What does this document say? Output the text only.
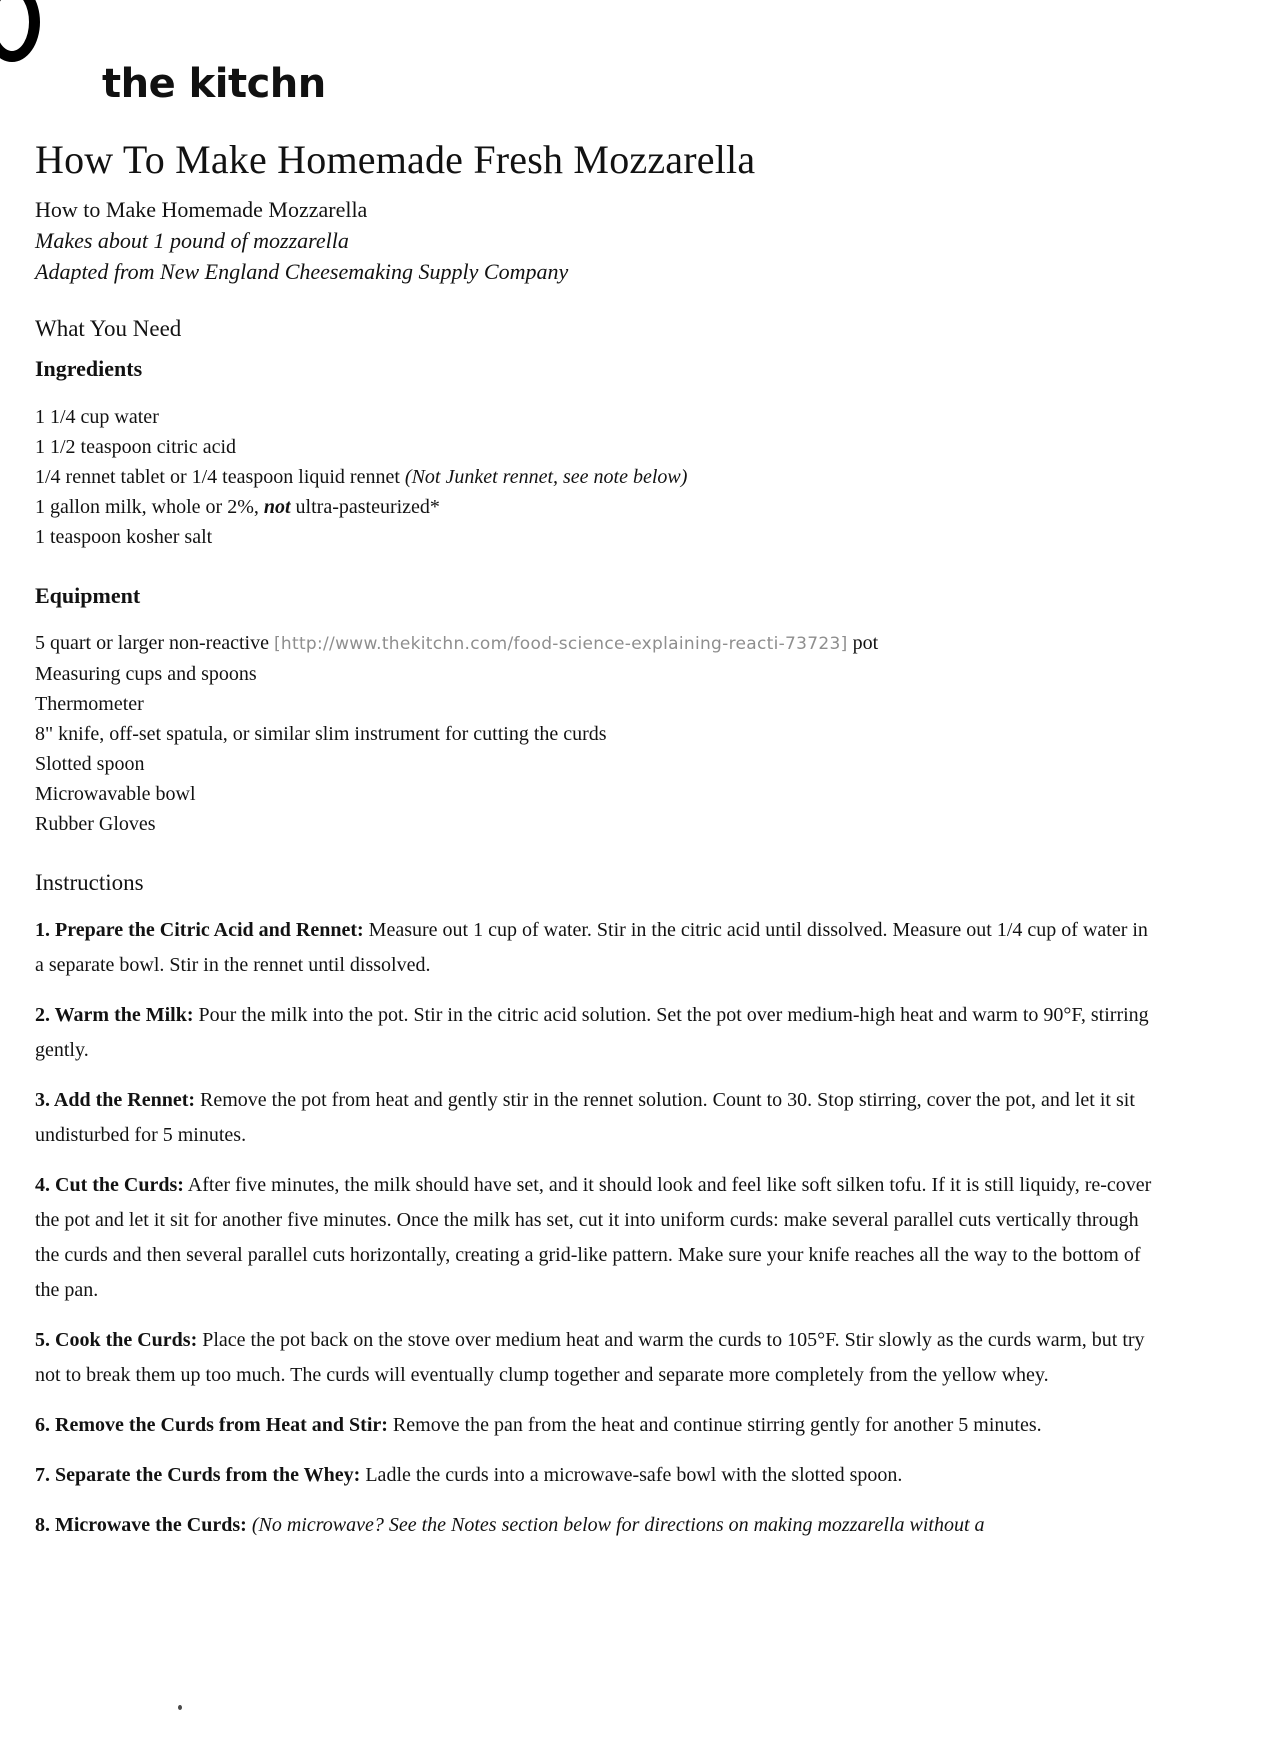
the kitchn
How To Make Homemade Fresh Mozzarella

How to Make Homemade Mozzarella

Makes about 1 pound of mozzarella

Adapted from New England Cheesemaking Supply Company

What You Need
Ingredients
1 1/4 cup water
1 1/2 teaspoon citric acid
1/4 rennet tablet or 1/4 teaspoon liquid rennet (Not Junket rennet, see note below)
1 gallon milk, whole or 2%, not ultra-pasteurized*
1 teaspoon kosher salt
Equipment
5 quart or larger non-reactive [http://www.thekitchn.com/food-science-explaining-reacti-73723] pot
Measuring cups and spoons
Thermometer
8" knife, off-set spatula, or similar slim instrument for cutting the curds
Slotted spoon
Microwavable bowl
Rubber Gloves
Instructions

1. Prepare the Citric Acid and Rennet: Measure out 1 cup of water. Stir in the citric acid until dissolved. Measure out 1/4 cup of water in a separate bowl. Stir in the rennet until dissolved.

2. Warm the Milk: Pour the milk into the pot. Stir in the citric acid solution. Set the pot over medium-high heat and warm to 90°F, stirring gently.

3. Add the Rennet: Remove the pot from heat and gently stir in the rennet solution. Count to 30. Stop stirring, cover the pot, and let it sit undisturbed for 5 minutes.

4. Cut the Curds: After five minutes, the milk should have set, and it should look and feel like soft silken tofu. If it is still liquidy, re-cover the pot and let it sit for another five minutes. Once the milk has set, cut it into uniform curds: make several parallel cuts vertically through the curds and then several parallel cuts horizontally, creating a grid-like pattern. Make sure your knife reaches all the way to the bottom of the pan.

5. Cook the Curds: Place the pot back on the stove over medium heat and warm the curds to 105°F. Stir slowly as the curds warm, but try not to break them up too much. The curds will eventually clump together and separate more completely from the yellow whey.

6. Remove the Curds from Heat and Stir: Remove the pan from the heat and continue stirring gently for another 5 minutes.

7. Separate the Curds from the Whey: Ladle the curds into a microwave-safe bowl with the slotted spoon.

8. Microwave the Curds: (No microwave? See the Notes section below for directions on making mozzarella without a
